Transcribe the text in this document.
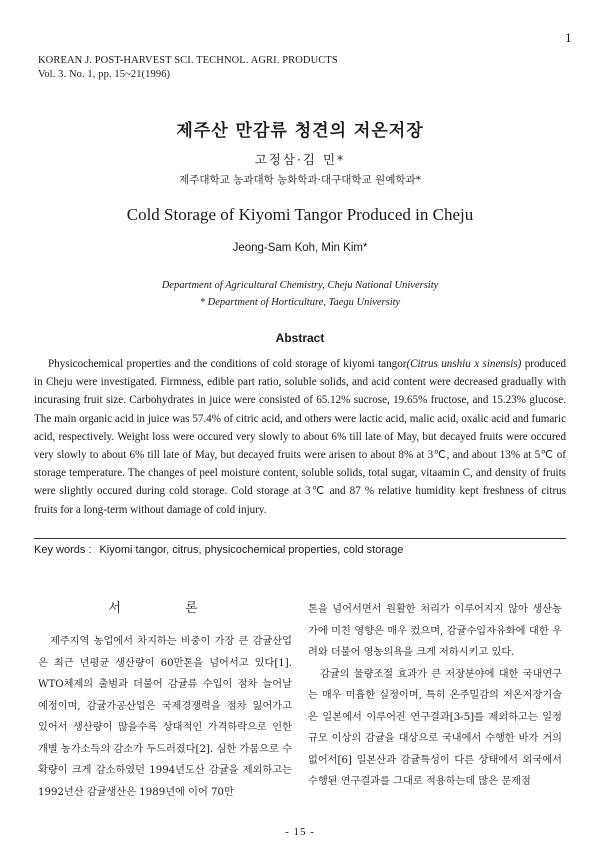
1
KOREAN J. POST-HARVEST SCI. TECHNOL. AGRI. PRODUCTS
Vol. 3. No. 1, pp. 15~21(1996)
제주산 만감류 청견의 저온저장
고정삼·김 민*
제주대학교 농과대학 농화학과·대구대학교 원예학과*
Cold Storage of Kiyomi Tangor Produced in Cheju
Jeong-Sam Koh, Min Kim*
Department of Agricultural Chemistry, Cheju National University
* Department of Horticulture, Taegu University
Abstract
Physicochemical properties and the conditions of cold storage of kiyomi tangor(Citrus unshiu x sinensis) produced in Cheju were investigated. Firmness, edible part ratio, soluble solids, and acid content were decreased gradually with incurasing fruit size. Carbohydrates in juice were consisted of 65.12% sucrose, 19.65% fructose, and 15.23% glucose. The main organic acid in juice was 57.4% of citric acid, and others were lactic acid, malic acid, oxalic acid and fumaric acid, respectively. Weight loss were occured very slowly to about 6% till late of May, but decayed fruits were occured very slowly to about 6% till late of May, but decayed fruits were arisen to about 8% at 3℃, and about 13% at 5℃ of storage temperature. The changes of peel moisture content, soluble solids, total sugar, vitaamin C, and density of fruits were slightly occured during cold storage. Cold storage at 3℃ and 87 % relative humidity kept freshness of citrus fruits for a long-term without damage of cold injury.
Key words : Kiyomi tangor, citrus, physicochemical properties, cold storage
서 론

제주지역 농업에서 차지하는 비중이 가장 큰 감귤산업은 최근 년평균 생산량이 60만톤을 넘어서고 있다[1]. WTO체제의 출범과 더불어 감귤류 수입이 점차 늘어날 예정이며, 감귤가공산업은 국제경쟁력을 점차 잃어가고 있어서 생산량이 많을수록 상대적인 가격하락으로 인한 개별 농가소득의 감소가 두드러졌다[2]. 심한 가뭄으로 수확량이 크게 감소하였던 1994년도산 감귤을 제외하고는 1992년산 감귤생산은 1989년에 이어 70만

톤을 넘어서면서 원활한 처리가 이루어지지 않아 생산농가에 미친 영향은 매우 컸으며, 감귤수입자유화에 대한 우려와 더불어 영농의욕을 크게 저하시키고 있다.

감귤의 물량조절 효과가 큰 저장분야에 대한 국내연구는 매우 미흡한 실정이며, 특히 온주밀감의 저온저장기술은 일본에서 이루어진 연구결과[3-5]를 제외하고는 일정규모 이상의 감귤을 대상으로 국내에서 수행한 바가 거의 없어서[6] 일본산과 감귤특성이 다른 상태에서 외국에서 수행된 연구결과를 그대로 적용하는데 많은 문제점

- 15 -
